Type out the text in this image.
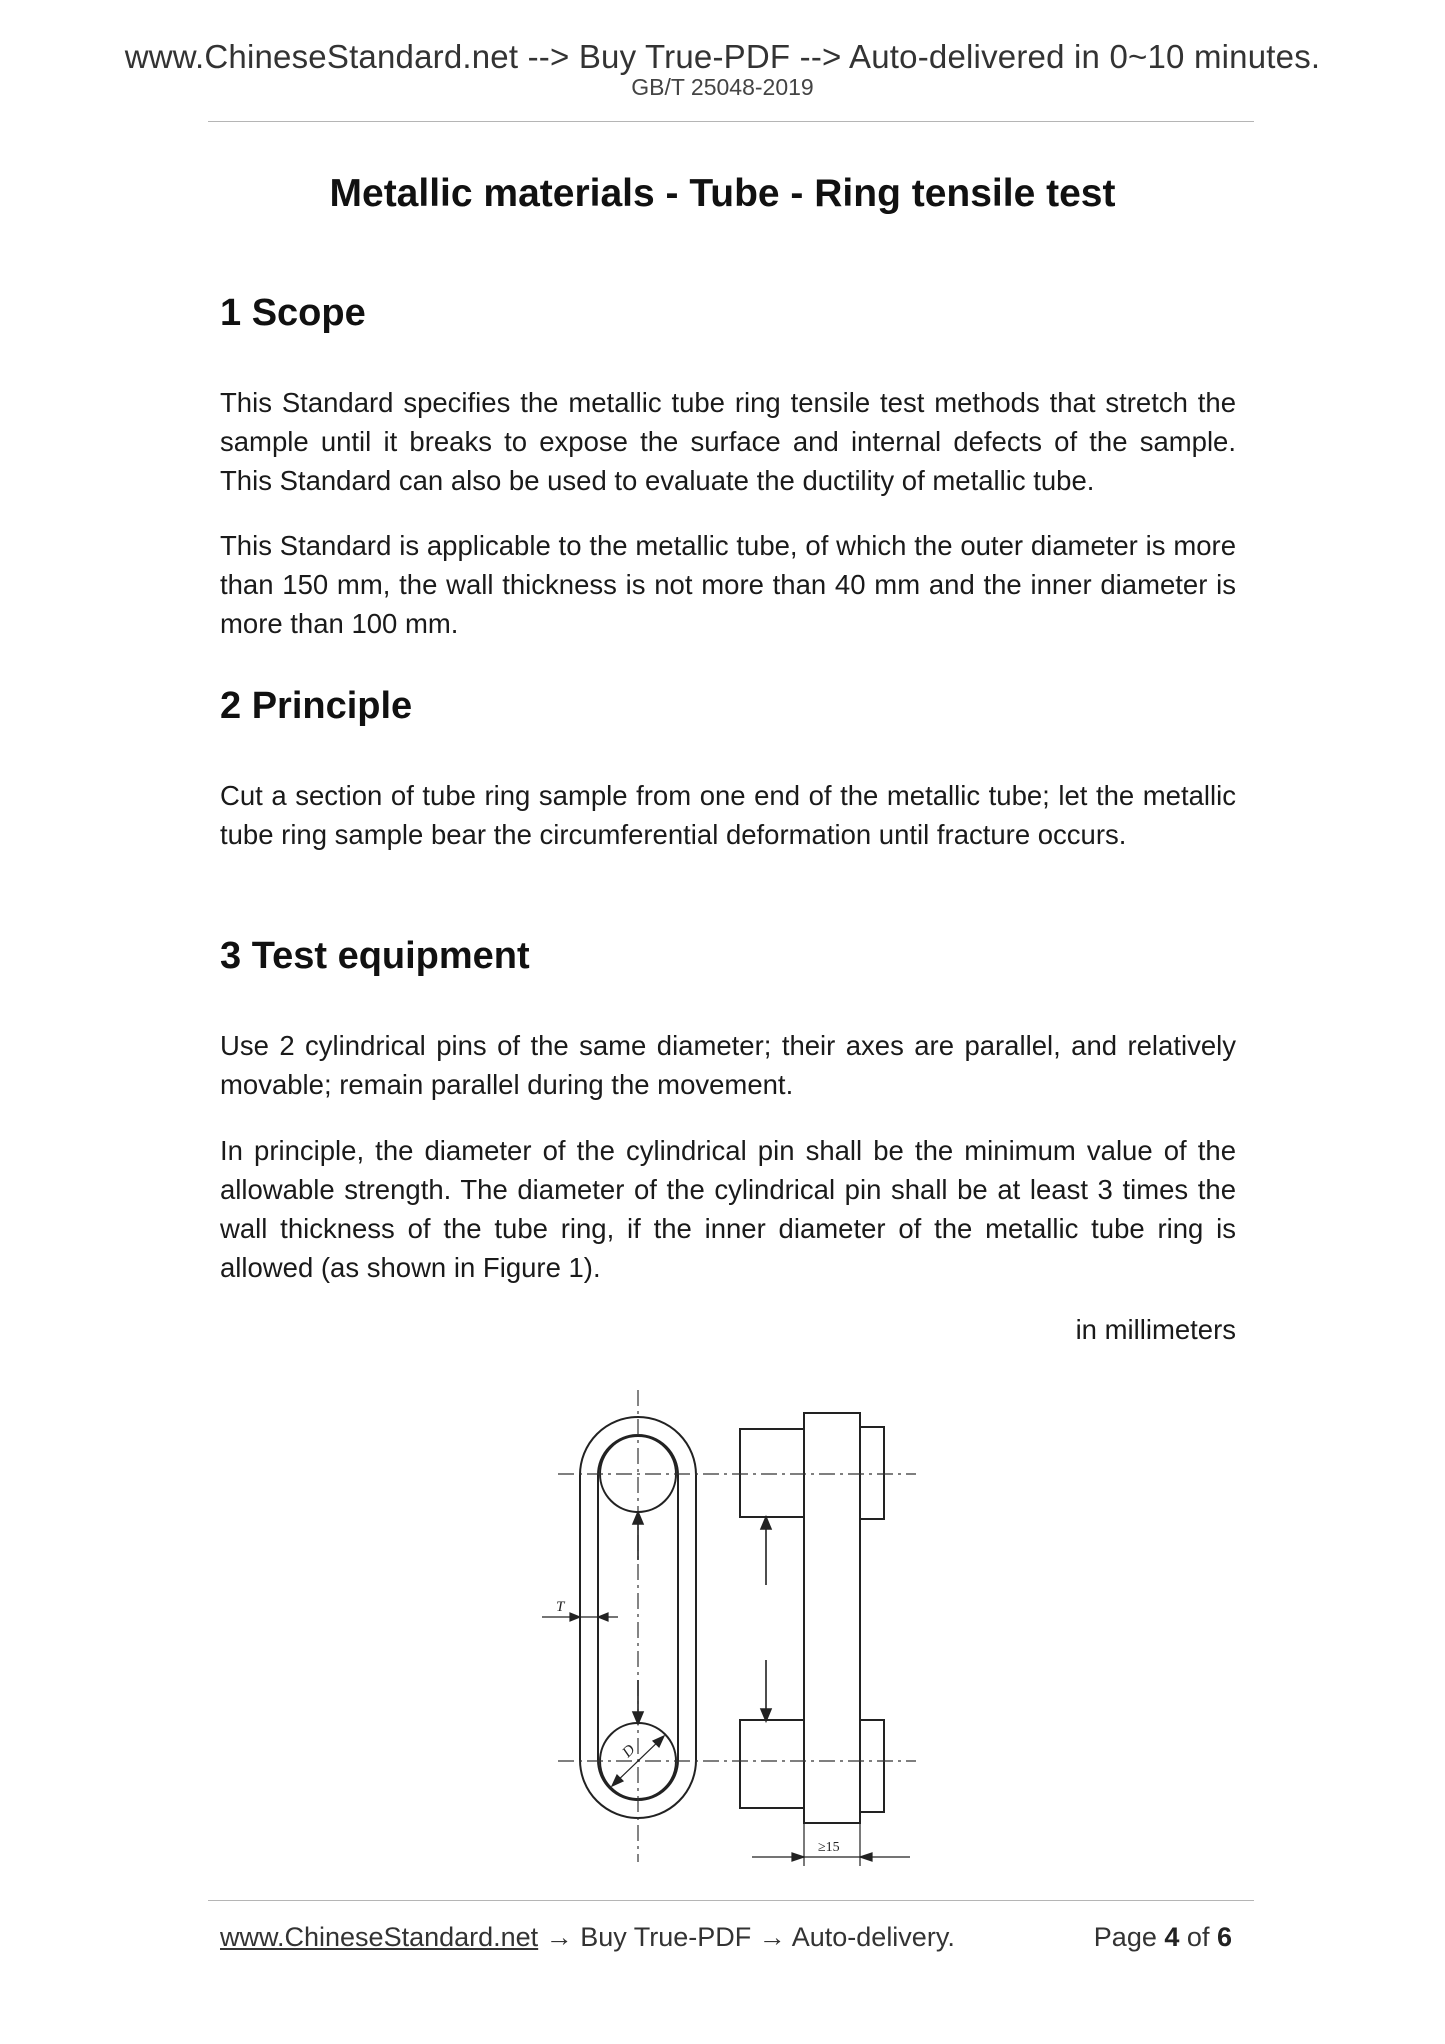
www.ChineseStandard.net --> Buy True-PDF --> Auto-delivered in 0~10 minutes.
GB/T 25048-2019
Metallic materials - Tube - Ring tensile test
1 Scope
This Standard specifies the metallic tube ring tensile test methods that stretch the sample until it breaks to expose the surface and internal defects of the sample. This Standard can also be used to evaluate the ductility of metallic tube.
This Standard is applicable to the metallic tube, of which the outer diameter is more than 150 mm, the wall thickness is not more than 40 mm and the inner diameter is more than 100 mm.
2 Principle
Cut a section of tube ring sample from one end of the metallic tube; let the metallic tube ring sample bear the circumferential deformation until fracture occurs.
3 Test equipment
Use 2 cylindrical pins of the same diameter; their axes are parallel, and relatively movable; remain parallel during the movement.
In principle, the diameter of the cylindrical pin shall be the minimum value of the allowable strength. The diameter of the cylindrical pin shall be at least 3 times the wall thickness of the tube ring, if the inner diameter of the metallic tube ring is allowed (as shown in Figure 1).
in millimeters
T
D
≥15
www.ChineseStandard.net → Buy True-PDF → Auto-delivery.	Page 4 of 6
